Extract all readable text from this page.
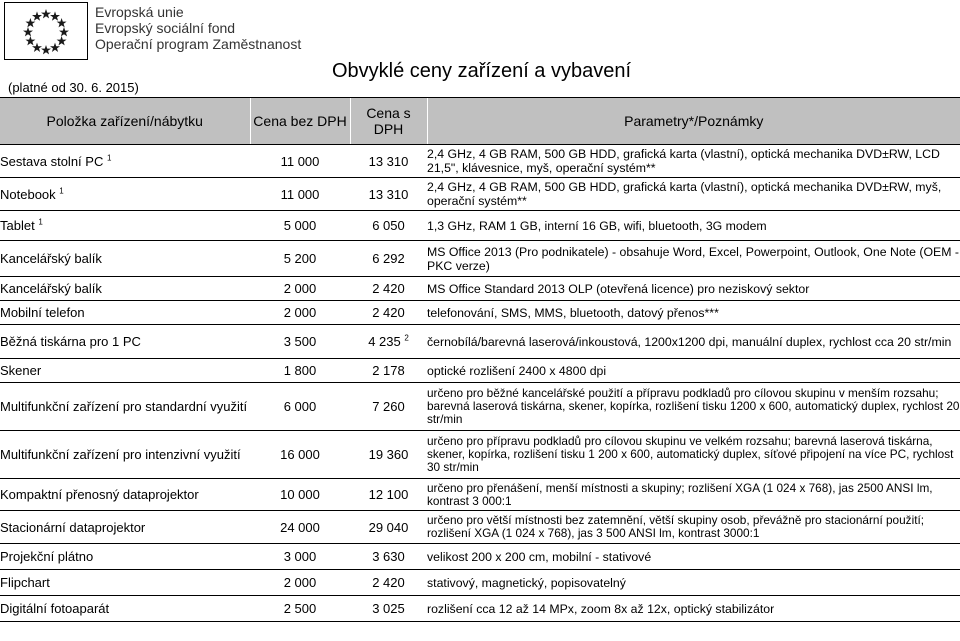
Evropská unie
Evropský sociální fond
Operační program Zaměstnanost
(platné od 30. 6. 2015)
Obvyklé ceny zařízení a vybavení
Položka zařízení/nábytku	Cena bez DPH	Cena s DPH	Parametry*/Poznámky
Sestava stolní PC $^1$	11 000	13 310	2,4 GHz, 4 GB RAM, 500 GB HDD, grafická karta (vlastní), optická mechanika DVD±RW, LCD 21,5", klávesnice, myš, operační systém**
Notebook $^1$	11 000	13 310	2,4 GHz, 4 GB RAM, 500 GB HDD, grafická karta (vlastní), optická mechanika DVD±RW, myš, operační systém**
Tablet $^1$	5 000	6 050	1,3 GHz, RAM 1 GB, interní 16 GB, wifi, bluetooth, 3G modem
Kancelářský balík	5 200	6 292	MS Office 2013 (Pro podnikatele) - obsahuje Word, Excel, Powerpoint, Outlook, One Note (OEM - PKC verze)
Kancelářský balík	2 000	2 420	MS Office Standard 2013 OLP (otevřená licence) pro neziskový sektor
Mobilní telefon	2 000	2 420	telefonování, SMS, MMS, bluetooth, datový přenos***
Běžná tiskárna pro 1 PC	3 500	4 235 $^2$	černobílá/barevná laserová/inkoustová, 1200x1200 dpi, manuální duplex, rychlost cca 20 str/min
Skener	1 800	2 178	optické rozlišení 2400 x 4800 dpi
Multifunkční zařízení pro standardní využití	6 000	7 260	určeno pro běžné kancelářské použití a přípravu podkladů pro cílovou skupinu v menším rozsahu; barevná laserová tiskárna, skener, kopírka, rozlišení tisku 1200 x 600, automatický duplex, rychlost 20 str/min
Multifunkční zařízení pro intenzivní využití	16 000	19 360	určeno pro přípravu podkladů pro cílovou skupinu ve velkém rozsahu; barevná laserová tiskárna, skener, kopírka, rozlišení tisku 1 200 x 600, automatický duplex, síťové připojení na více PC, rychlost 30 str/min
Kompaktní přenosný dataprojektor	10 000	12 100	určeno pro přenášení, menší místnosti a skupiny; rozlišení XGA (1 024 x 768), jas 2500 ANSI lm, kontrast 3 000:1
Stacionární dataprojektor	24 000	29 040	určeno pro větší místnosti bez zatemnění, větší skupiny osob, převážně pro stacionární použití; rozlišení XGA (1 024 x 768), jas 3 500 ANSI lm, kontrast 3000:1
Projekční plátno	3 000	3 630	velikost 200 x 200 cm, mobilní - stativové
Flipchart	2 000	2 420	stativový, magnetický, popisovatelný
Digitální fotoaparát	2 500	3 025	rozlišení cca 12 až 14 MPx, zoom 8x až 12x, optický stabilizátor
